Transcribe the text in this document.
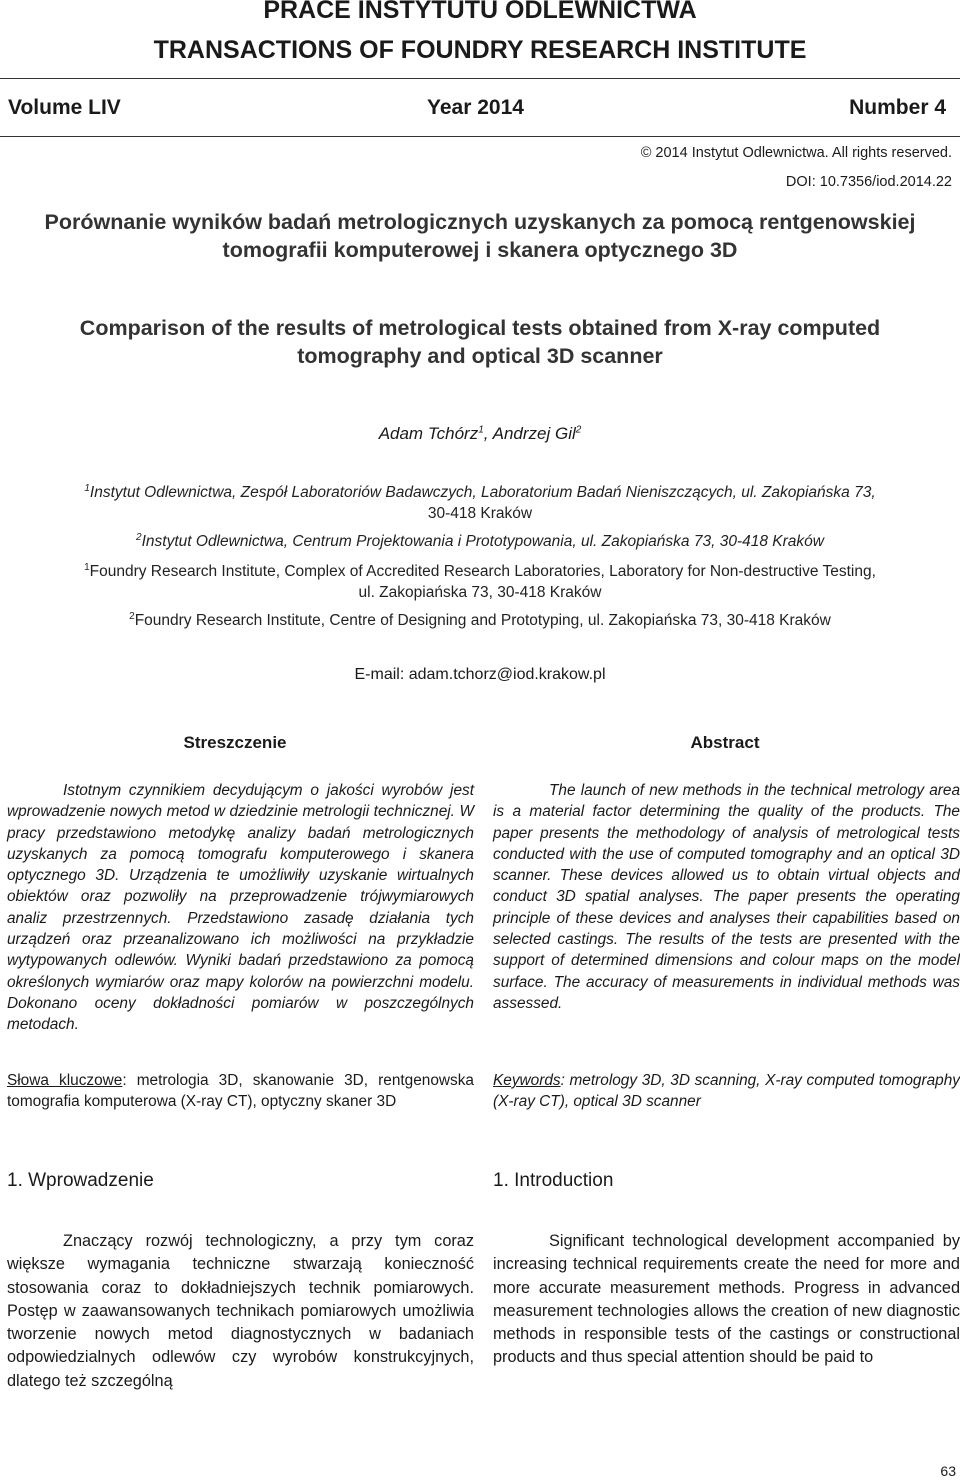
PRACE INSTYTUTU ODLEWNICTWA
TRANSACTIONS OF FOUNDRY RESEARCH INSTITUTE
Volume LIV	Year 2014	Number 4
© 2014 Instytut Odlewnictwa. All rights reserved.
DOI: 10.7356/iod.2014.22
Porównanie wyników badań metrologicznych uzyskanych za pomocą rentgenowskiej
tomografii komputerowej i skanera optycznego 3D
Comparison of the results of metrological tests obtained from X-ray computed
tomography and optical 3D scanner
Adam Tchórz$^1$, Andrzej Gil$^2$
$^1$Instytut Odlewnictwa, Zespół Laboratoriów Badawczych, Laboratorium Badań Nieniszczących, ul. Zakopiańska 73,
30-418 Kraków
$^2$Instytut Odlewnictwa, Centrum Projektowania i Prototypowania, ul. Zakopiańska 73, 30-418 Kraków
$^1$Foundry Research Institute, Complex of Accredited Research Laboratories, Laboratory for Non-destructive Testing,
ul. Zakopiańska 73, 30-418 Kraków
$^2$Foundry Research Institute, Centre of Designing and Prototyping, ul. Zakopiańska 73, 30-418 Kraków
E-mail: adam.tchorz@iod.krakow.pl
Streszczenie	Abstract
Istotnym czynnikiem decydującym o jakości wyrobów jest wprowadzenie nowych metod w dziedzinie metrologii technicznej. W pracy przedstawiono metodykę analizy badań metrologicznych uzyskanych za pomocą tomografu komputerowego i skanera optycznego 3D. Urządzenia te umożliwiły uzyskanie wirtualnych obiektów oraz pozwoliły na przeprowadzenie trójwymiarowych analiz przestrzennych. Przedstawiono zasadę działania tych urządzeń oraz przeanalizowano ich możliwości na przykładzie wytypowanych odlewów. Wyniki badań przedstawiono za pomocą określonych wymiarów oraz mapy kolorów na powierzchni modelu. Dokonano oceny dokładności pomiarów w poszczególnych metodach.
The launch of new methods in the technical metrology area is a material factor determining the quality of the products. The paper presents the methodology of analysis of metrological tests conducted with the use of computed tomography and an optical 3D scanner. These devices allowed us to obtain virtual objects and conduct 3D spatial analyses. The paper presents the operating principle of these devices and analyses their capabilities based on selected castings. The results of the tests are presented with the support of determined dimensions and colour maps on the model surface. The accuracy of measurements in individual methods was assessed.
Słowa kluczowe: metrologia 3D, skanowanie 3D, rentgenowska tomografia komputerowa (X-ray CT), optyczny skaner 3D
Keywords: metrology 3D, 3D scanning, X-ray computed tomography (X-ray CT), optical 3D scanner
1. Wprowadzenie	1. Introduction
Znaczący rozwój technologiczny, a przy tym coraz większe wymagania techniczne stwarzają konieczność stosowania coraz to dokładniejszych technik pomiarowych. Postęp w zaawansowanych technikach pomiarowych umożliwia tworzenie nowych metod diagnostycznych w badaniach odpowiedzialnych odlewów czy wyrobów konstrukcyjnych, dlatego też szczególną
Significant technological development accompanied by increasing technical requirements create the need for more and more accurate measurement methods. Progress in advanced measurement technologies allows the creation of new diagnostic methods in responsible tests of the castings or constructional products and thus special attention should be paid to
63
